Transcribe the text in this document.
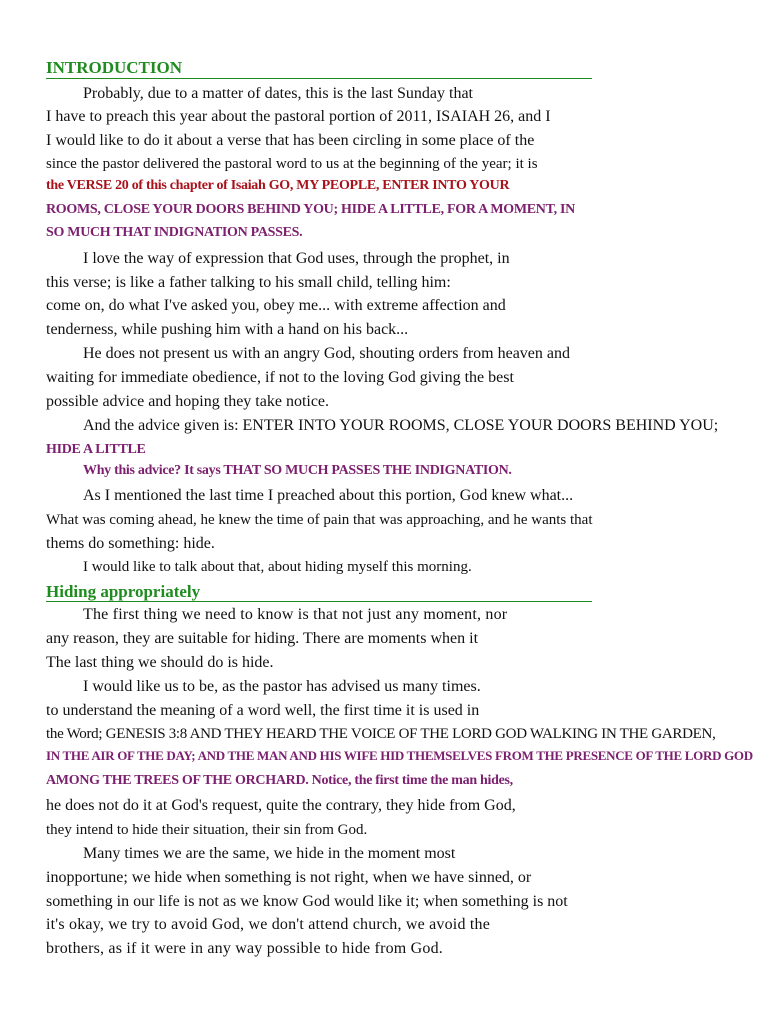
INTRODUCTION
Probably, due to a matter of dates, this is the last Sunday that
I have to preach this year about the pastoral portion of 2011, ISAIAH 26, and I
I would like to do it about a verse that has been circling in some place of the
since the pastor delivered the pastoral word to us at the beginning of the year; it is
the VERSE 20 of this chapter of Isaiah GO, MY PEOPLE, ENTER INTO YOUR
ROOMS, CLOSE YOUR DOORS BEHIND YOU; HIDE A LITTLE, FOR A MOMENT, IN
SO MUCH THAT INDIGNATION PASSES.
I love the way of expression that God uses, through the prophet, in
this verse; is like a father talking to his small child, telling him:
come on, do what I've asked you, obey me... with extreme affection and
tenderness, while pushing him with a hand on his back...
He does not present us with an angry God, shouting orders from heaven and
waiting for immediate obedience, if not to the loving God giving the best
possible advice and hoping they take notice.
And the advice given is: ENTER INTO YOUR ROOMS, CLOSE YOUR DOORS BEHIND YOU;
HIDE A LITTLE
Why this advice? It says THAT SO MUCH PASSES THE INDIGNATION.
As I mentioned the last time I preached about this portion, God knew what...
What was coming ahead, he knew the time of pain that was approaching, and he wants that
thems do something: hide.
I would like to talk about that, about hiding myself this morning.
Hiding appropriately
The first thing we need to know is that not just any moment, nor
any reason, they are suitable for hiding. There are moments when it
The last thing we should do is hide.
I would like us to be, as the pastor has advised us many times.
to understand the meaning of a word well, the first time it is used in
the Word; GENESIS 3:8 AND THEY HEARD THE VOICE OF THE LORD GOD WALKING IN THE GARDEN,
IN THE AIR OF THE DAY; AND THE MAN AND HIS WIFE HID THEMSELVES FROM THE PRESENCE OF THE LORD GOD
AMONG THE TREES OF THE ORCHARD. Notice, the first time the man hides,
he does not do it at God's request, quite the contrary, they hide from God,
they intend to hide their situation, their sin from God.
Many times we are the same, we hide in the moment most
inopportune; we hide when something is not right, when we have sinned, or
something in our life is not as we know God would like it; when something is not
it's okay, we try to avoid God, we don't attend church, we avoid the
brothers, as if it were in any way possible to hide from God.
